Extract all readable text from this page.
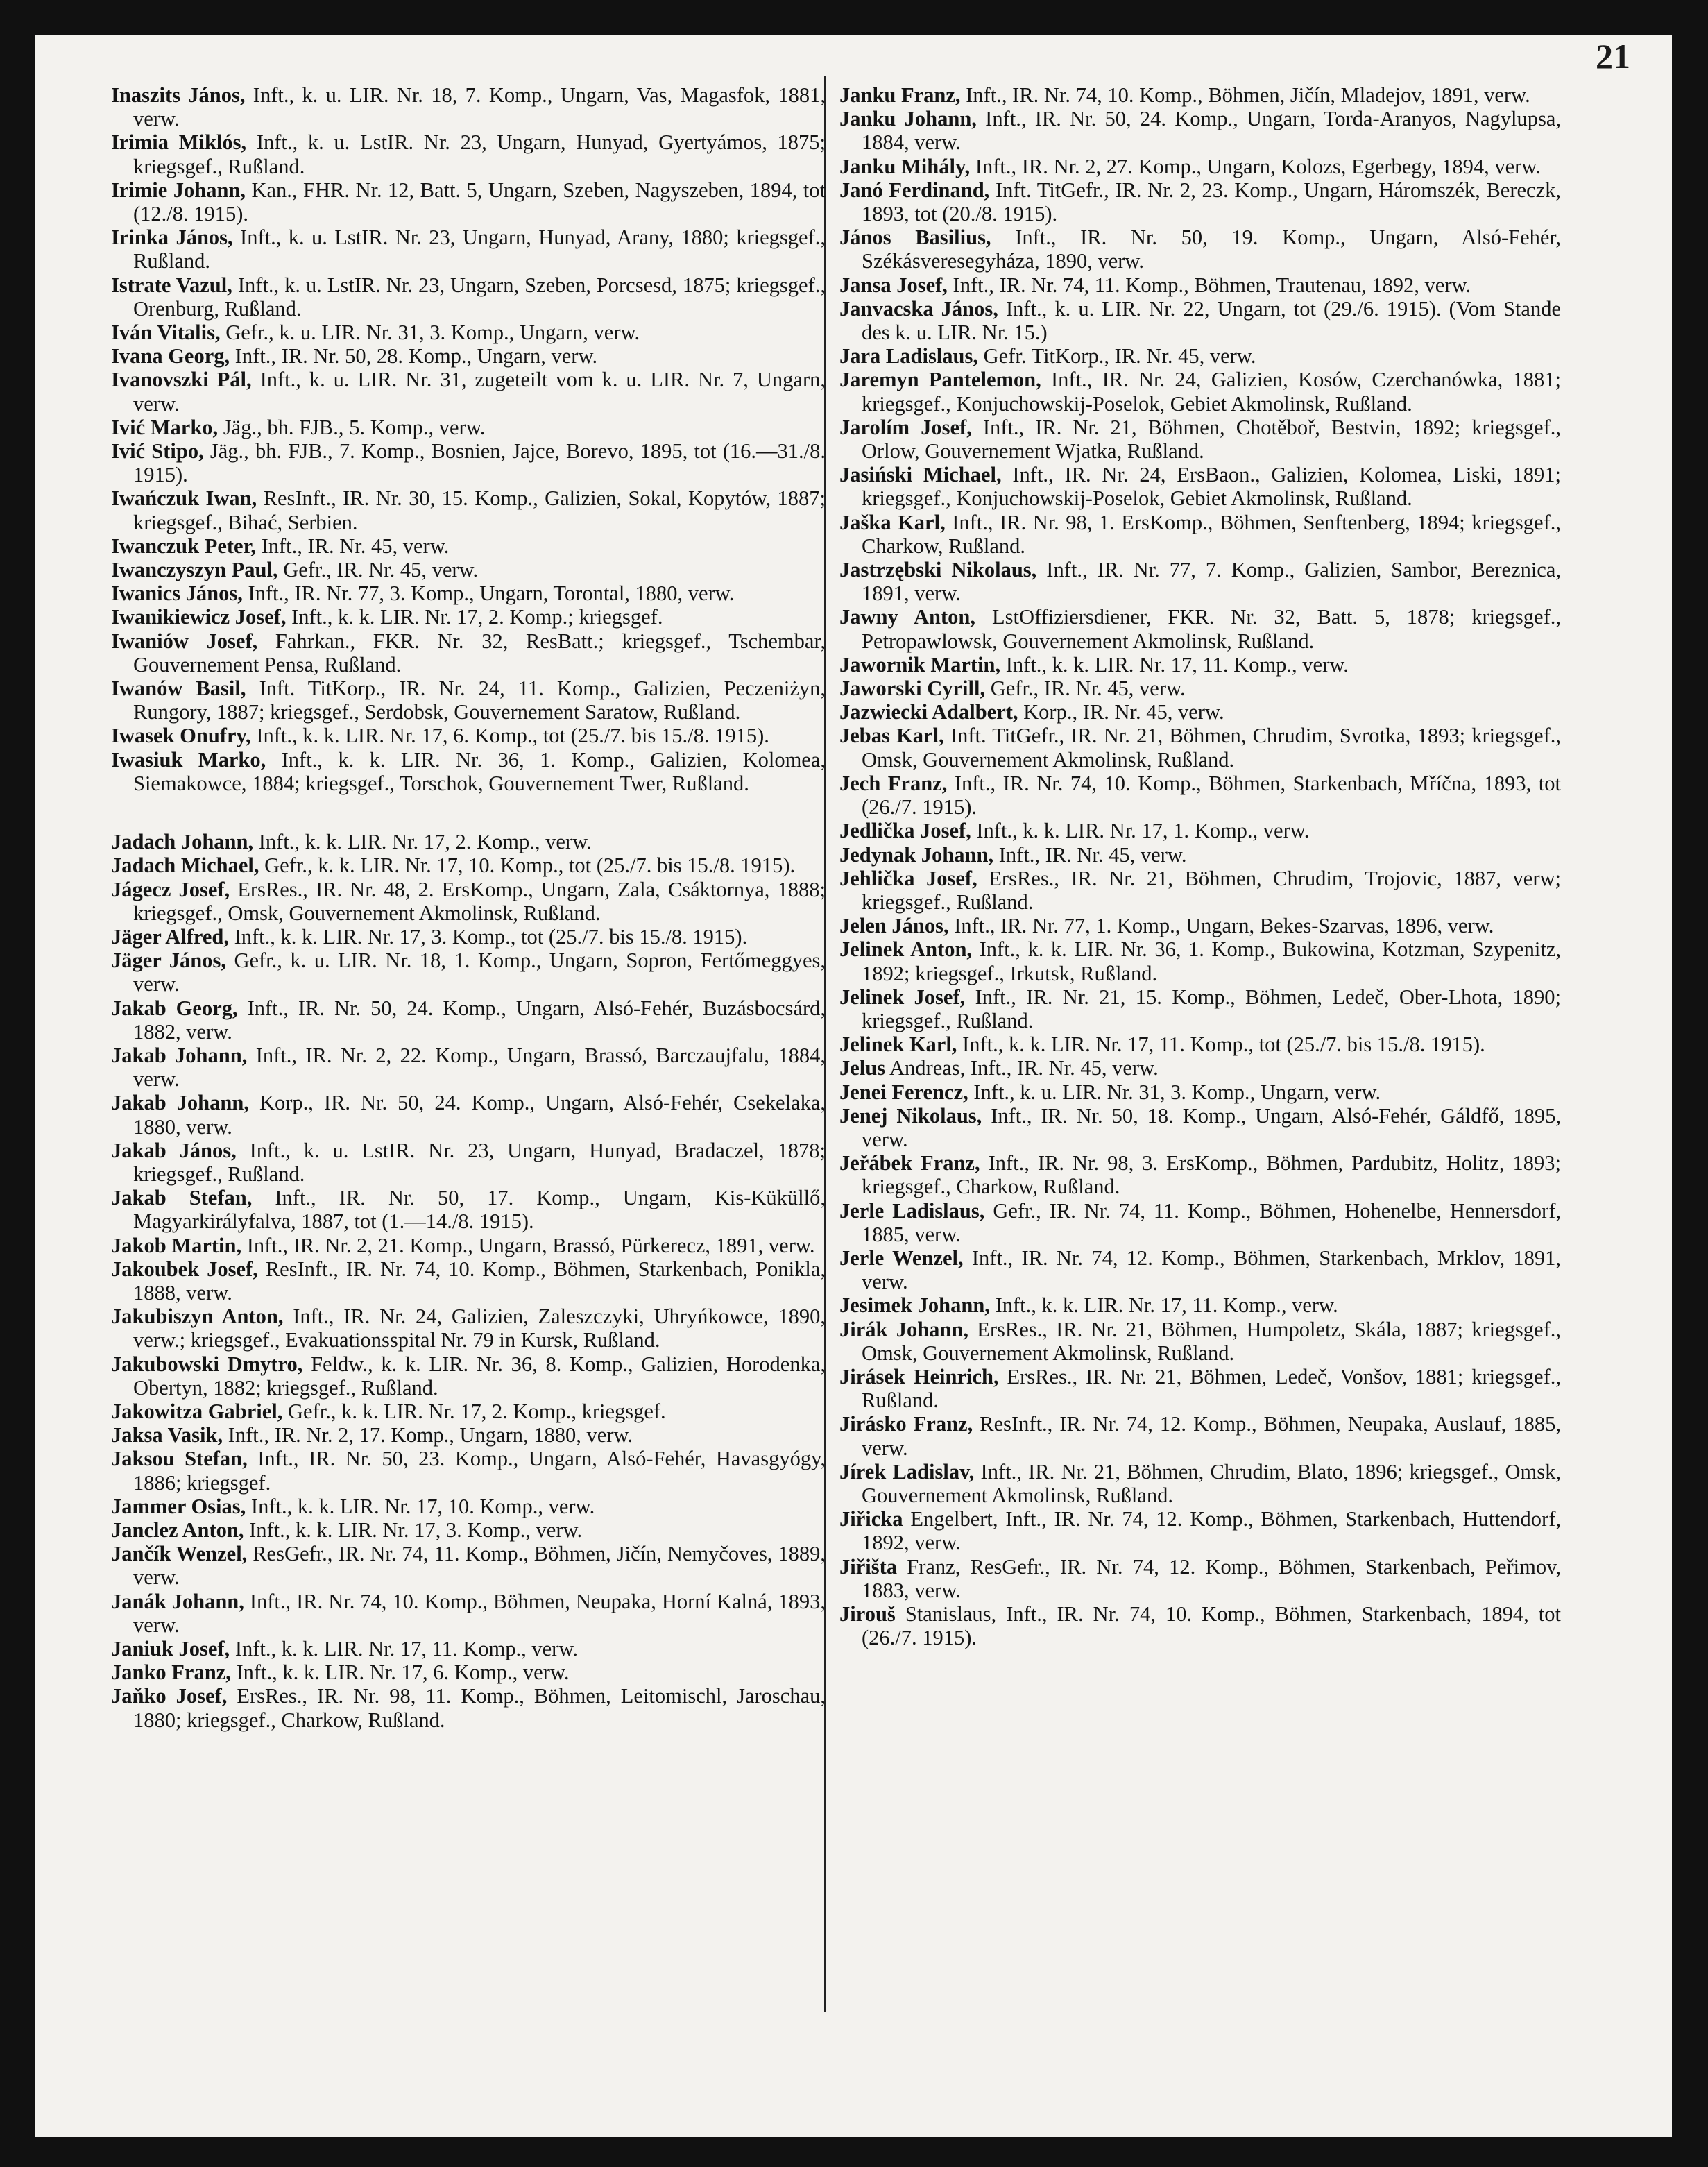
21

Inaszits János, Inft., k. u. LIR. Nr. 18, 7. Komp., Ungarn, Vas, Magasfok, 1881, verw.

Irimia Miklós, Inft., k. u. LstIR. Nr. 23, Ungarn, Hunyad, Gyertyámos, 1875; kriegsgef., Rußland.

Irimie Johann, Kan., FHR. Nr. 12, Batt. 5, Ungarn, Szeben, Nagyszeben, 1894, tot (12./8. 1915).

Irinka János, Inft., k. u. LstIR. Nr. 23, Ungarn, Hunyad, Arany, 1880; kriegsgef., Rußland.

Istrate Vazul, Inft., k. u. LstIR. Nr. 23, Ungarn, Szeben, Porcsesd, 1875; kriegsgef., Orenburg, Rußland.

Iván Vitalis, Gefr., k. u. LIR. Nr. 31, 3. Komp., Ungarn, verw.

Ivana Georg, Inft., IR. Nr. 50, 28. Komp., Ungarn, verw.

Ivanovszki Pál, Inft., k. u. LIR. Nr. 31, zugeteilt vom k. u. LIR. Nr. 7, Ungarn, verw.

Ivić Marko, Jäg., bh. FJB., 5. Komp., verw.

Ivić Stipo, Jäg., bh. FJB., 7. Komp., Bosnien, Jajce, Borevo, 1895, tot (16.—31./8. 1915).

Iwańczuk Iwan, ResInft., IR. Nr. 30, 15. Komp., Galizien, Sokal, Kopytów, 1887; kriegsgef., Bihać, Serbien.

Iwanczuk Peter, Inft., IR. Nr. 45, verw.

Iwanczyszyn Paul, Gefr., IR. Nr. 45, verw.

Iwanics János, Inft., IR. Nr. 77, 3. Komp., Ungarn, Torontal, 1880, verw.

Iwanikiewicz Josef, Inft., k. k. LIR. Nr. 17, 2. Komp.; kriegsgef.

Iwaniów Josef, Fahrkan., FKR. Nr. 32, ResBatt.; kriegsgef., Tschembar, Gouvernement Pensa, Rußland.

Iwanów Basil, Inft. TitKorp., IR. Nr. 24, 11. Komp., Galizien, Peczeniżyn, Rungory, 1887; kriegsgef., Serdobsk, Gouvernement Saratow, Rußland.

Iwasek Onufry, Inft., k. k. LIR. Nr. 17, 6. Komp., tot (25./7. bis 15./8. 1915).

Iwasiuk Marko, Inft., k. k. LIR. Nr. 36, 1. Komp., Galizien, Kolomea, Siemakowce, 1884; kriegsgef., Torschok, Gouvernement Twer, Rußland.

Jadach Johann, Inft., k. k. LIR. Nr. 17, 2. Komp., verw.

Jadach Michael, Gefr., k. k. LIR. Nr. 17, 10. Komp., tot (25./7. bis 15./8. 1915).

Jágecz Josef, ErsRes., IR. Nr. 48, 2. ErsKomp., Ungarn, Zala, Csáktornya, 1888; kriegsgef., Omsk, Gouvernement Akmolinsk, Rußland.

Jäger Alfred, Inft., k. k. LIR. Nr. 17, 3. Komp., tot (25./7. bis 15./8. 1915).

Jäger János, Gefr., k. u. LIR. Nr. 18, 1. Komp., Ungarn, Sopron, Fertőmeggyes, verw.

Jakab Georg, Inft., IR. Nr. 50, 24. Komp., Ungarn, Alsó-Fehér, Buzásbocsárd, 1882, verw.

Jakab Johann, Inft., IR. Nr. 2, 22. Komp., Ungarn, Brassó, Barczaujfalu, 1884, verw.

Jakab Johann, Korp., IR. Nr. 50, 24. Komp., Ungarn, Alsó-Fehér, Csekelaka, 1880, verw.

Jakab János, Inft., k. u. LstIR. Nr. 23, Ungarn, Hunyad, Bradaczel, 1878; kriegsgef., Rußland.

Jakab Stefan, Inft., IR. Nr. 50, 17. Komp., Ungarn, Kis-Küküllő, Magyarkirályfalva, 1887, tot (1.—14./8. 1915).

Jakob Martin, Inft., IR. Nr. 2, 21. Komp., Ungarn, Brassó, Pürkerecz, 1891, verw.

Jakoubek Josef, ResInft., IR. Nr. 74, 10. Komp., Böhmen, Starkenbach, Ponikla, 1888, verw.

Jakubiszyn Anton, Inft., IR. Nr. 24, Galizien, Zaleszczyki, Uhryńkowce, 1890, verw.; kriegsgef., Evakuationsspital Nr. 79 in Kursk, Rußland.

Jakubowski Dmytro, Feldw., k. k. LIR. Nr. 36, 8. Komp., Galizien, Horodenka, Obertyn, 1882; kriegsgef., Rußland.

Jakowitza Gabriel, Gefr., k. k. LIR. Nr. 17, 2. Komp., kriegsgef.

Jaksa Vasik, Inft., IR. Nr. 2, 17. Komp., Ungarn, 1880, verw.

Jaksou Stefan, Inft., IR. Nr. 50, 23. Komp., Ungarn, Alsó-Fehér, Havasgyógy, 1886; kriegsgef.

Jammer Osias, Inft., k. k. LIR. Nr. 17, 10. Komp., verw.

Janclez Anton, Inft., k. k. LIR. Nr. 17, 3. Komp., verw.

Jančík Wenzel, ResGefr., IR. Nr. 74, 11. Komp., Böhmen, Jičín, Nemyčoves, 1889, verw.

Janák Johann, Inft., IR. Nr. 74, 10. Komp., Böhmen, Neupaka, Horní Kalná, 1893, verw.

Janiuk Josef, Inft., k. k. LIR. Nr. 17, 11. Komp., verw.

Janko Franz, Inft., k. k. LIR. Nr. 17, 6. Komp., verw.

Jaňko Josef, ErsRes., IR. Nr. 98, 11. Komp., Böhmen, Leitomischl, Jaroschau, 1880; kriegsgef., Charkow, Rußland.

Janku Franz, Inft., IR. Nr. 74, 10. Komp., Böhmen, Jičín, Mladejov, 1891, verw.

Janku Johann, Inft., IR. Nr. 50, 24. Komp., Ungarn, Torda-Aranyos, Nagylupsa, 1884, verw.

Janku Mihály, Inft., IR. Nr. 2, 27. Komp., Ungarn, Kolozs, Egerbegy, 1894, verw.

Janó Ferdinand, Inft. TitGefr., IR. Nr. 2, 23. Komp., Ungarn, Háromszék, Bereczk, 1893, tot (20./8. 1915).

János Basilius, Inft., IR. Nr. 50, 19. Komp., Ungarn, Alsó-Fehér, Székásveresegyháza, 1890, verw.

Jansa Josef, Inft., IR. Nr. 74, 11. Komp., Böhmen, Trautenau, 1892, verw.

Janvacska János, Inft., k. u. LIR. Nr. 22, Ungarn, tot (29./6. 1915). (Vom Stande des k. u. LIR. Nr. 15.)

Jara Ladislaus, Gefr. TitKorp., IR. Nr. 45, verw.

Jaremyn Pantelemon, Inft., IR. Nr. 24, Galizien, Kosów, Czerchanówka, 1881; kriegsgef., Konjuchowskij-Poselok, Gebiet Akmolinsk, Rußland.

Jarolím Josef, Inft., IR. Nr. 21, Böhmen, Chotěboř, Bestvin, 1892; kriegsgef., Orlow, Gouvernement Wjatka, Rußland.

Jasiński Michael, Inft., IR. Nr. 24, ErsBaon., Galizien, Kolomea, Liski, 1891; kriegsgef., Konjuchowskij-Poselok, Gebiet Akmolinsk, Rußland.

Jaška Karl, Inft., IR. Nr. 98, 1. ErsKomp., Böhmen, Senftenberg, 1894; kriegsgef., Charkow, Rußland.

Jastrzębski Nikolaus, Inft., IR. Nr. 77, 7. Komp., Galizien, Sambor, Bereznica, 1891, verw.

Jawny Anton, LstOffiziersdiener, FKR. Nr. 32, Batt. 5, 1878; kriegsgef., Petropawlowsk, Gouvernement Akmolinsk, Rußland.

Jawornik Martin, Inft., k. k. LIR. Nr. 17, 11. Komp., verw.

Jaworski Cyrill, Gefr., IR. Nr. 45, verw.

Jazwiecki Adalbert, Korp., IR. Nr. 45, verw.

Jebas Karl, Inft. TitGefr., IR. Nr. 21, Böhmen, Chrudim, Svrotka, 1893; kriegsgef., Omsk, Gouvernement Akmolinsk, Rußland.

Jech Franz, Inft., IR. Nr. 74, 10. Komp., Böhmen, Starkenbach, Mříčna, 1893, tot (26./7. 1915).

Jedlička Josef, Inft., k. k. LIR. Nr. 17, 1. Komp., verw.

Jedynak Johann, Inft., IR. Nr. 45, verw.

Jehlička Josef, ErsRes., IR. Nr. 21, Böhmen, Chrudim, Trojovic, 1887, verw; kriegsgef., Rußland.

Jelen János, Inft., IR. Nr. 77, 1. Komp., Ungarn, Bekes-Szarvas, 1896, verw.

Jelinek Anton, Inft., k. k. LIR. Nr. 36, 1. Komp., Bukowina, Kotzman, Szypenitz, 1892; kriegsgef., Irkutsk, Rußland.

Jelinek Josef, Inft., IR. Nr. 21, 15. Komp., Böhmen, Ledeč, Ober-Lhota, 1890; kriegsgef., Rußland.

Jelinek Karl, Inft., k. k. LIR. Nr. 17, 11. Komp., tot (25./7. bis 15./8. 1915).

Jelus Andreas, Inft., IR. Nr. 45, verw.

Jenei Ferencz, Inft., k. u. LIR. Nr. 31, 3. Komp., Ungarn, verw.

Jenej Nikolaus, Inft., IR. Nr. 50, 18. Komp., Ungarn, Alsó-Fehér, Gáldfő, 1895, verw.

Jeřábek Franz, Inft., IR. Nr. 98, 3. ErsKomp., Böhmen, Pardubitz, Holitz, 1893; kriegsgef., Charkow, Rußland.

Jerle Ladislaus, Gefr., IR. Nr. 74, 11. Komp., Böhmen, Hohenelbe, Hennersdorf, 1885, verw.

Jerle Wenzel, Inft., IR. Nr. 74, 12. Komp., Böhmen, Starkenbach, Mrklov, 1891, verw.

Jesimek Johann, Inft., k. k. LIR. Nr. 17, 11. Komp., verw.

Jirák Johann, ErsRes., IR. Nr. 21, Böhmen, Humpoletz, Skála, 1887; kriegsgef., Omsk, Gouvernement Akmolinsk, Rußland.

Jirásek Heinrich, ErsRes., IR. Nr. 21, Böhmen, Ledeč, Vonšov, 1881; kriegsgef., Rußland.

Jirásko Franz, ResInft., IR. Nr. 74, 12. Komp., Böhmen, Neupaka, Auslauf, 1885, verw.

Jírek Ladislav, Inft., IR. Nr. 21, Böhmen, Chrudim, Blato, 1896; kriegsgef., Omsk, Gouvernement Akmolinsk, Rußland.

Jiřicka Engelbert, Inft., IR. Nr. 74, 12. Komp., Böhmen, Starkenbach, Huttendorf, 1892, verw.

Jiřišta Franz, ResGefr., IR. Nr. 74, 12. Komp., Böhmen, Starkenbach, Peřimov, 1883, verw.

Jirouš Stanislaus, Inft., IR. Nr. 74, 10. Komp., Böhmen, Starkenbach, 1894, tot (26./7. 1915).
